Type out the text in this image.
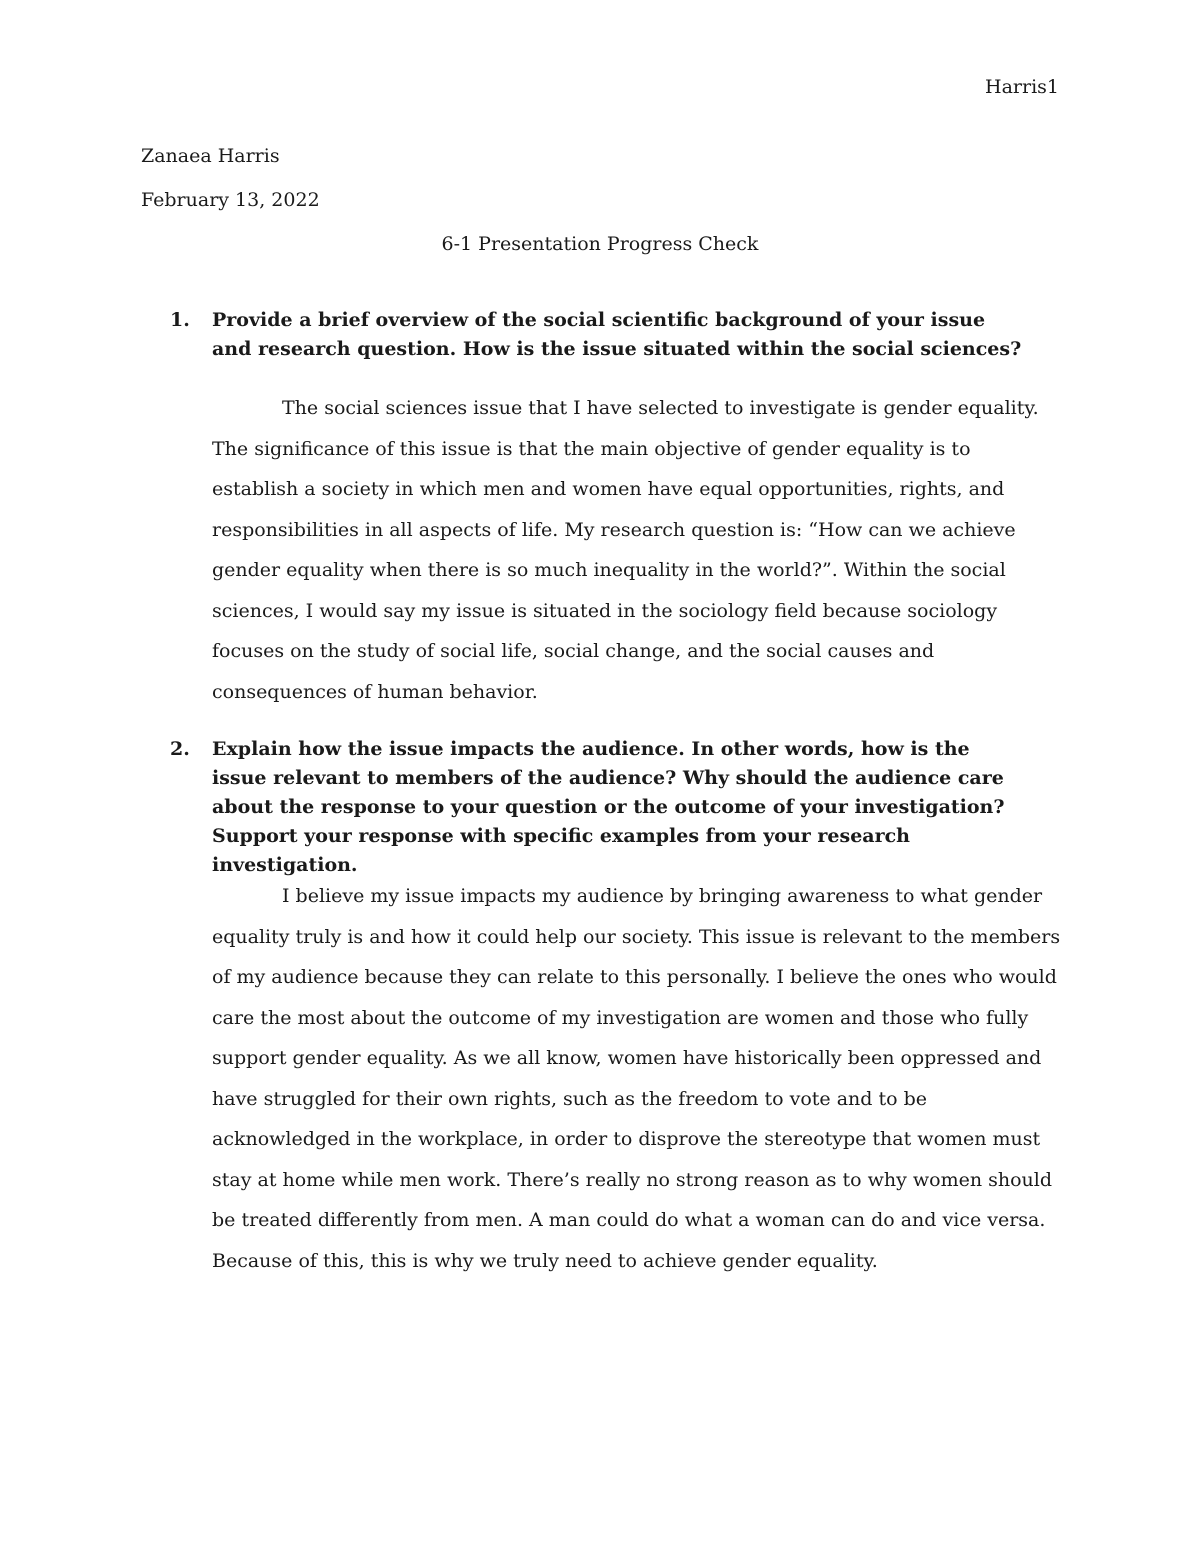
Harris1
Zanaea Harris
February 13, 2022
6-1 Presentation Progress Check
1. Provide a brief overview of the social scientific background of your issue and research question. How is the issue situated within the social sciences?
The social sciences issue that I have selected to investigate is gender equality. The significance of this issue is that the main objective of gender equality is to establish a society in which men and women have equal opportunities, rights, and responsibilities in all aspects of life. My research question is: “How can we achieve gender equality when there is so much inequality in the world?”. Within the social sciences, I would say my issue is situated in the sociology field because sociology focuses on the study of social life, social change, and the social causes and consequences of human behavior.
2. Explain how the issue impacts the audience. In other words, how is the issue relevant to members of the audience? Why should the audience care about the response to your question or the outcome of your investigation? Support your response with specific examples from your research investigation.
I believe my issue impacts my audience by bringing awareness to what gender equality truly is and how it could help our society. This issue is relevant to the members of my audience because they can relate to this personally. I believe the ones who would care the most about the outcome of my investigation are women and those who fully support gender equality. As we all know, women have historically been oppressed and have struggled for their own rights, such as the freedom to vote and to be acknowledged in the workplace, in order to disprove the stereotype that women must stay at home while men work. There’s really no strong reason as to why women should be treated differently from men. A man could do what a woman can do and vice versa. Because of this, this is why we truly need to achieve gender equality.
